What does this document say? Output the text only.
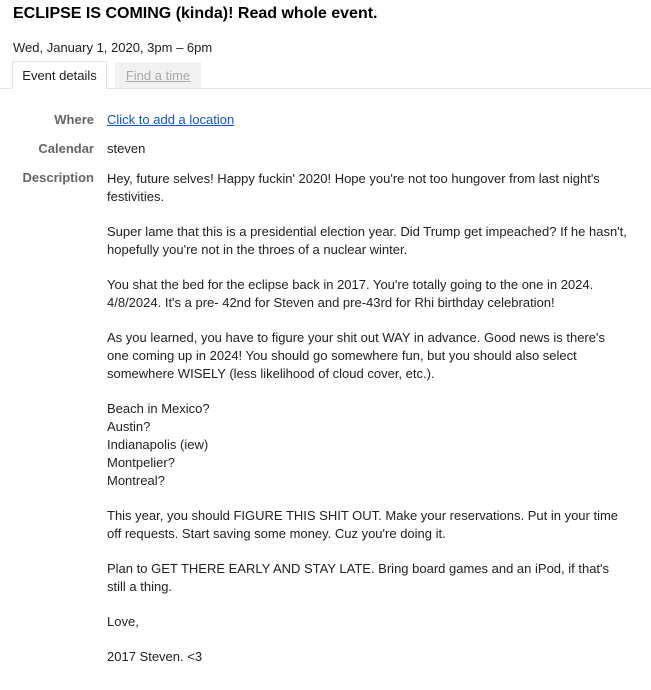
ECLIPSE IS COMING (kinda)! Read whole event.
Wed, January 1, 2020, 3pm – 6pm
Event details	Find a time
Where Click to add a location
Calendar steven
Description Hey, future selves! Happy fuckin' 2020! Hope you're not too hungover from last night's
festivities.

Super lame that this is a presidential election year. Did Trump get impeached? If he hasn't,
hopefully you're not in the throes of a nuclear winter.

You shat the bed for the eclipse back in 2017. You're totally going to the one in 2024.
4/8/2024. It's a pre- 42nd for Steven and pre-43rd for Rhi birthday celebration!

As you learned, you have to figure your shit out WAY in advance. Good news is there's
one coming up in 2024! You should go somewhere fun, but you should also select
somewhere WISELY (less likelihood of cloud cover, etc.).

Beach in Mexico?
Austin?
Indianapolis (iew)
Montpelier?
Montreal?

This year, you should FIGURE THIS SHIT OUT. Make your reservations. Put in your time
off requests. Start saving some money. Cuz you're doing it.

Plan to GET THERE EARLY AND STAY LATE. Bring board games and an iPod, if that's
still a thing.

Love,

2017 Steven. <3
